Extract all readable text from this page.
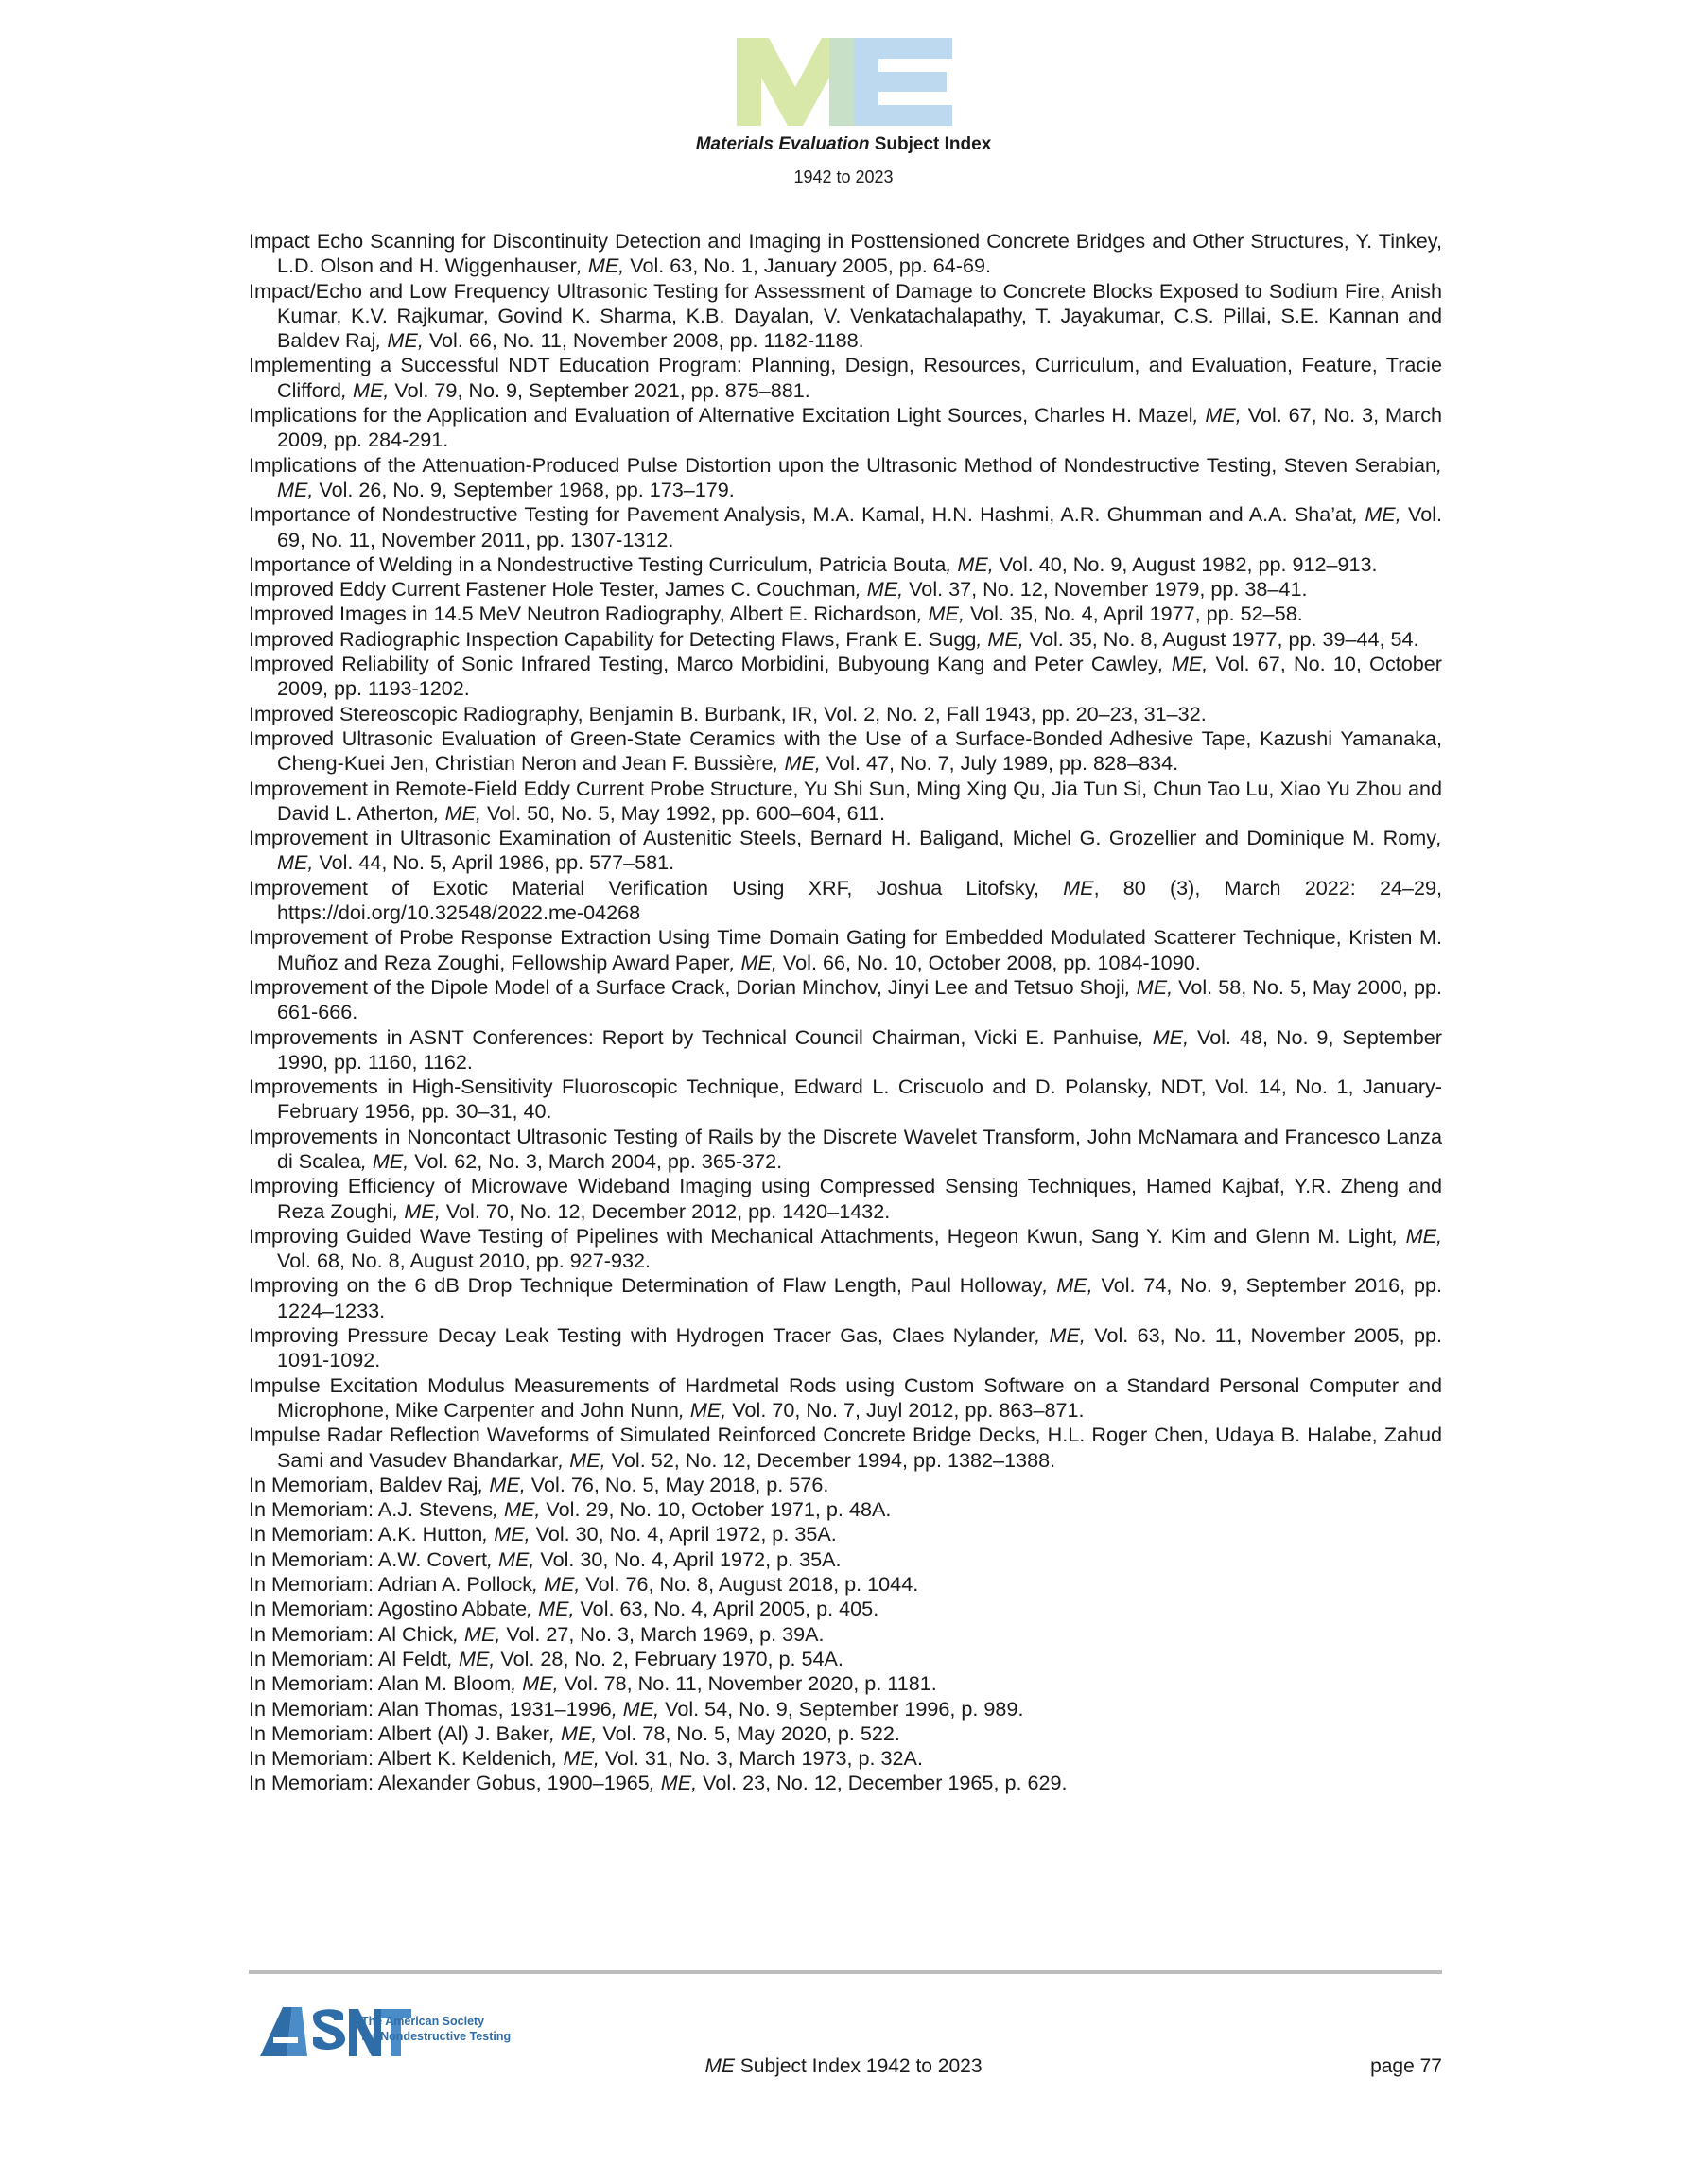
Materials Evaluation Subject Index
1942 to 2023

Impact Echo Scanning for Discontinuity Detection and Imaging in Posttensioned Concrete Bridges and Other Structures, Y. Tinkey, L.D. Olson and H. Wiggenhauser, ME, Vol. 63, No. 1, January 2005, pp. 64-69.

Impact/Echo and Low Frequency Ultrasonic Testing for Assessment of Damage to Concrete Blocks Exposed to Sodium Fire, Anish Kumar, K.V. Rajkumar, Govind K. Sharma, K.B. Dayalan, V. Venkatachalapathy, T. Jayakumar, C.S. Pillai, S.E. Kannan and Baldev Raj, ME, Vol. 66, No. 11, November 2008, pp. 1182-1188.

Implementing a Successful NDT Education Program: Planning, Design, Resources, Curriculum, and Evaluation, Feature, Tracie Clifford, ME, Vol. 79, No. 9, September 2021, pp. 875–881.

Implications for the Application and Evaluation of Alternative Excitation Light Sources, Charles H. Mazel, ME, Vol. 67, No. 3, March 2009, pp. 284-291.

Implications of the Attenuation-Produced Pulse Distortion upon the Ultrasonic Method of Nondestructive Testing, Steven Serabian, ME, Vol. 26, No. 9, September 1968, pp. 173–179.

Importance of Nondestructive Testing for Pavement Analysis, M.A. Kamal, H.N. Hashmi, A.R. Ghumman and A.A. Sha’at, ME, Vol. 69, No. 11, November 2011, pp. 1307-1312.

Importance of Welding in a Nondestructive Testing Curriculum, Patricia Bouta, ME, Vol. 40, No. 9, August 1982, pp. 912–913.

Improved Eddy Current Fastener Hole Tester, James C. Couchman, ME, Vol. 37, No. 12, November 1979, pp. 38–41.

Improved Images in 14.5 MeV Neutron Radiography, Albert E. Richardson, ME, Vol. 35, No. 4, April 1977, pp. 52–58.

Improved Radiographic Inspection Capability for Detecting Flaws, Frank E. Sugg, ME, Vol. 35, No. 8, August 1977, pp. 39–44, 54.

Improved Reliability of Sonic Infrared Testing, Marco Morbidini, Bubyoung Kang and Peter Cawley, ME, Vol. 67, No. 10, October 2009, pp. 1193-1202.

Improved Stereoscopic Radiography, Benjamin B. Burbank, IR, Vol. 2, No. 2, Fall 1943, pp. 20–23, 31–32.

Improved Ultrasonic Evaluation of Green-State Ceramics with the Use of a Surface-Bonded Adhesive Tape, Kazushi Yamanaka, Cheng-Kuei Jen, Christian Neron and Jean F. Bussière, ME, Vol. 47, No. 7, July 1989, pp. 828–834.

Improvement in Remote-Field Eddy Current Probe Structure, Yu Shi Sun, Ming Xing Qu, Jia Tun Si, Chun Tao Lu, Xiao Yu Zhou and David L. Atherton, ME, Vol. 50, No. 5, May 1992, pp. 600–604, 611.

Improvement in Ultrasonic Examination of Austenitic Steels, Bernard H. Baligand, Michel G. Grozellier and Dominique M. Romy, ME, Vol. 44, No. 5, April 1986, pp. 577–581.

Improvement of Exotic Material Verification Using XRF, Joshua Litofsky, ME, 80 (3), March 2022: 24–29, https://doi.org/10.32548/2022.me-04268

Improvement of Probe Response Extraction Using Time Domain Gating for Embedded Modulated Scatterer Technique, Kristen M. Muñoz and Reza Zoughi, Fellowship Award Paper, ME, Vol. 66, No. 10, October 2008, pp. 1084-1090.

Improvement of the Dipole Model of a Surface Crack, Dorian Minchov, Jinyi Lee and Tetsuo Shoji, ME, Vol. 58, No. 5, May 2000, pp. 661-666.

Improvements in ASNT Conferences: Report by Technical Council Chairman, Vicki E. Panhuise, ME, Vol. 48, No. 9, September 1990, pp. 1160, 1162.

Improvements in High-Sensitivity Fluoroscopic Technique, Edward L. Criscuolo and D. Polansky, NDT, Vol. 14, No. 1, January-February 1956, pp. 30–31, 40.

Improvements in Noncontact Ultrasonic Testing of Rails by the Discrete Wavelet Transform, John McNamara and Francesco Lanza di Scalea, ME, Vol. 62, No. 3, March 2004, pp. 365-372.

Improving Efficiency of Microwave Wideband Imaging using Compressed Sensing Techniques, Hamed Kajbaf, Y.R. Zheng and Reza Zoughi, ME, Vol. 70, No. 12, December 2012, pp. 1420–1432.

Improving Guided Wave Testing of Pipelines with Mechanical Attachments, Hegeon Kwun, Sang Y. Kim and Glenn M. Light, ME, Vol. 68, No. 8, August 2010, pp. 927-932.

Improving on the 6 dB Drop Technique Determination of Flaw Length, Paul Holloway, ME, Vol. 74, No. 9, September 2016, pp. 1224–1233.

Improving Pressure Decay Leak Testing with Hydrogen Tracer Gas, Claes Nylander, ME, Vol. 63, No. 11, November 2005, pp. 1091-1092.

Impulse Excitation Modulus Measurements of Hardmetal Rods using Custom Software on a Standard Personal Computer and Microphone, Mike Carpenter and John Nunn, ME, Vol. 70, No. 7, Juyl 2012, pp. 863–871.

Impulse Radar Reflection Waveforms of Simulated Reinforced Concrete Bridge Decks, H.L. Roger Chen, Udaya B. Halabe, Zahud Sami and Vasudev Bhandarkar, ME, Vol. 52, No. 12, December 1994, pp. 1382–1388.

In Memoriam, Baldev Raj, ME, Vol. 76, No. 5, May 2018, p. 576.

In Memoriam: A.J. Stevens, ME, Vol. 29, No. 10, October 1971, p. 48A.

In Memoriam: A.K. Hutton, ME, Vol. 30, No. 4, April 1972, p. 35A.

In Memoriam: A.W. Covert, ME, Vol. 30, No. 4, April 1972, p. 35A.

In Memoriam: Adrian A. Pollock, ME, Vol. 76, No. 8, August 2018, p. 1044.

In Memoriam: Agostino Abbate, ME, Vol. 63, No. 4, April 2005, p. 405.

In Memoriam: Al Chick, ME, Vol. 27, No. 3, March 1969, p. 39A.

In Memoriam: Al Feldt, ME, Vol. 28, No. 2, February 1970, p. 54A.

In Memoriam: Alan M. Bloom, ME, Vol. 78, No. 11, November 2020, p. 1181.

In Memoriam: Alan Thomas, 1931–1996, ME, Vol. 54, No. 9, September 1996, p. 989.

In Memoriam: Albert (Al) J. Baker, ME, Vol. 78, No. 5, May 2020, p. 522.

In Memoriam: Albert K. Keldenich, ME, Vol. 31, No. 3, March 1973, p. 32A.

In Memoriam: Alexander Gobus, 1900–1965, ME, Vol. 23, No. 12, December 1965, p. 629.

ASNT
The American Society
for Nondestructive Testing
ME Subject Index 1942 to 2023	page 77
